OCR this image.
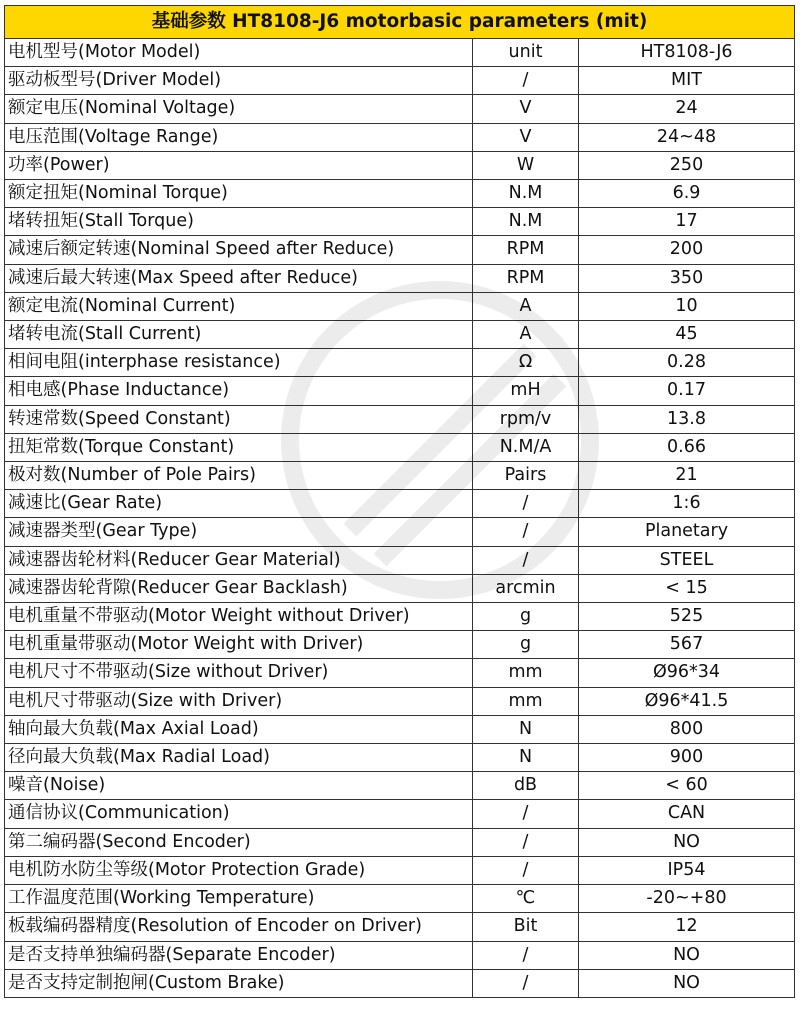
基础参数 HT8108-J6 motorbasic parameters (mit)		
电机型号(Motor Model)	unit	HT8108-J6
驱动板型号(Driver Model)	/	MIT
额定电压(Nominal Voltage)	V	24
电压范围(Voltage Range)	V	24~48
功率(Power)	W	250
额定扭矩(Nominal Torque)	N.M	6.9
堵转扭矩(Stall Torque)	N.M	17
减速后额定转速(Nominal Speed after Reduce)	RPM	200
减速后最大转速(Max Speed after Reduce)	RPM	350
额定电流(Nominal Current)	A	10
堵转电流(Stall Current)	A	45
相间电阻(interphase resistance)	Ω	0.28
相电感(Phase Inductance)	mH	0.17
转速常数(Speed Constant)	rpm/v	13.8
扭矩常数(Torque Constant)	N.M/A	0.66
极对数(Number of Pole Pairs)	Pairs	21
减速比(Gear Rate)	/	1:6
减速器类型(Gear Type)	/	Planetary
减速器齿轮材料(Reducer Gear Material)	/	STEEL
减速器齿轮背隙(Reducer Gear Backlash)	arcmin	< 15
电机重量不带驱动(Motor Weight without Driver)	g	525
电机重量带驱动(Motor Weight with Driver)	g	567
电机尺寸不带驱动(Size without Driver)	mm	Ø96*34
电机尺寸带驱动(Size with Driver)	mm	Ø96*41.5
轴向最大负载(Max Axial Load)	N	800
径向最大负载(Max Radial Load)	N	900
噪音(Noise)	dB	< 60
通信协议(Communication)	/	CAN
第二编码器(Second Encoder)	/	NO
电机防水防尘等级(Motor Protection Grade)	/	IP54
工作温度范围(Working Temperature)	℃	-20~+80
板载编码器精度(Resolution of Encoder on Driver)	Bit	12
是否支持单独编码器(Separate Encoder)	/	NO
是否支持定制抱闸(Custom Brake)	/	NO
